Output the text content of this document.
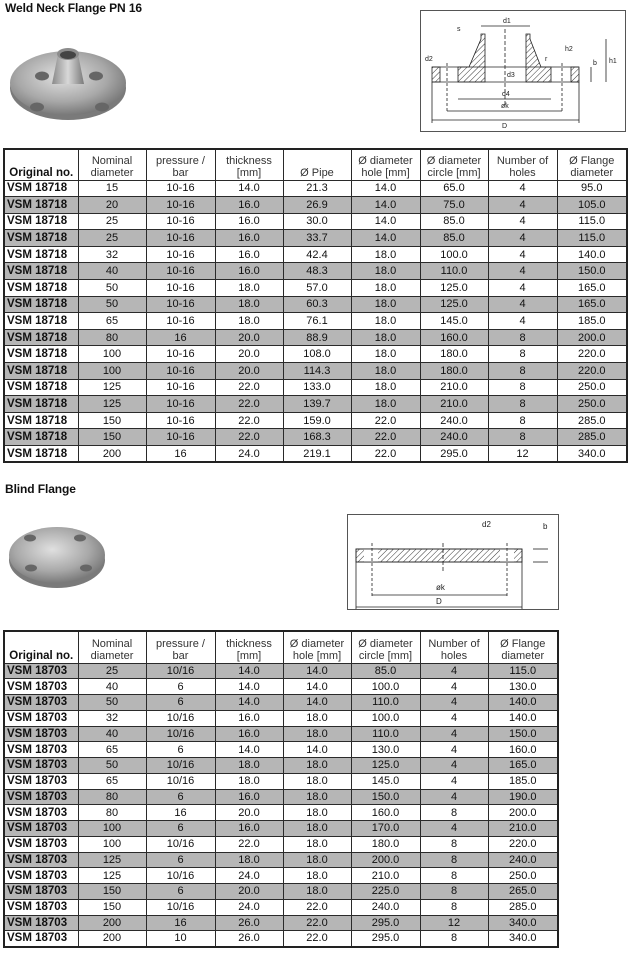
Weld Neck Flange PN 16
d1
s
d2
h2
r
b h1
d3
d4
øk
D

Original no.

Nominal
diameter

pressure /
bar

thickness
[mm]	Ø Pipe

Ø diameter
hole [mm]

Ø diameter
circle [mm]

Number of
holes

Ø Flange
diameter

VSM 18718	15	10-16	14.0	21.3	14.0	65.0	4	95.0
VSM 18718	20	10-16	16.0	26.9	14.0	75.0	4	105.0
VSM 18718	25	10-16	16.0	30.0	14.0	85.0	4	115.0
VSM 18718	25	10-16	16.0	33.7	14.0	85.0	4	115.0
VSM 18718	32	10-16	16.0	42.4	18.0	100.0	4	140.0
VSM 18718	40	10-16	16.0	48.3	18.0	110.0	4	150.0
VSM 18718	50	10-16	18.0	57.0	18.0	125.0	4	165.0
VSM 18718	50	10-16	18.0	60.3	18.0	125.0	4	165.0
VSM 18718	65	10-16	18.0	76.1	18.0	145.0	4	185.0
VSM 18718	80	16	20.0	88.9	18.0	160.0	8	200.0
VSM 18718	100	10-16	20.0	108.0	18.0	180.0	8	220.0
VSM 18718	100	10-16	20.0	114.3	18.0	180.0	8	220.0
VSM 18718	125	10-16	22.0	133.0	18.0	210.0	8	250.0
VSM 18718	125	10-16	22.0	139.7	18.0	210.0	8	250.0
VSM 18718	150	10-16	22.0	159.0	22.0	240.0	8	285.0
VSM 18718	150	10-16	22.0	168.3	22.0	240.0	8	285.0
VSM 18718	200	16	24.0	219.1	22.0	295.0	12	340.0
Blind Flange
d2	b
øk
D

Original no.

Nominal
diameter

pressure /
bar

thickness
[mm]

Ø diameter
hole [mm]

Ø diameter
circle [mm]

Number of
holes

Ø Flange
diameter

VSM 18703	25	10/16	14.0	14.0	85.0	4	115.0
VSM 18703	40	6	14.0	14.0	100.0	4	130.0
VSM 18703	50	6	14.0	14.0	110.0	4	140.0
VSM 18703	32	10/16	16.0	18.0	100.0	4	140.0
VSM 18703	40	10/16	16.0	18.0	110.0	4	150.0
VSM 18703	65	6	14.0	14.0	130.0	4	160.0
VSM 18703	50	10/16	18.0	18.0	125.0	4	165.0
VSM 18703	65	10/16	18.0	18.0	145.0	4	185.0
VSM 18703	80	6	16.0	18.0	150.0	4	190.0
VSM 18703	80	16	20.0	18.0	160.0	8	200.0
VSM 18703	100	6	16.0	18.0	170.0	4	210.0
VSM 18703	100	10/16	22.0	18.0	180.0	8	220.0
VSM 18703	125	6	18.0	18.0	200.0	8	240.0
VSM 18703	125	10/16	24.0	18.0	210.0	8	250.0
VSM 18703	150	6	20.0	18.0	225.0	8	265.0
VSM 18703	150	10/16	24.0	22.0	240.0	8	285.0
VSM 18703	200	16	26.0	22.0	295.0	12	340.0
VSM 18703	200	10	26.0	22.0	295.0	8	340.0
